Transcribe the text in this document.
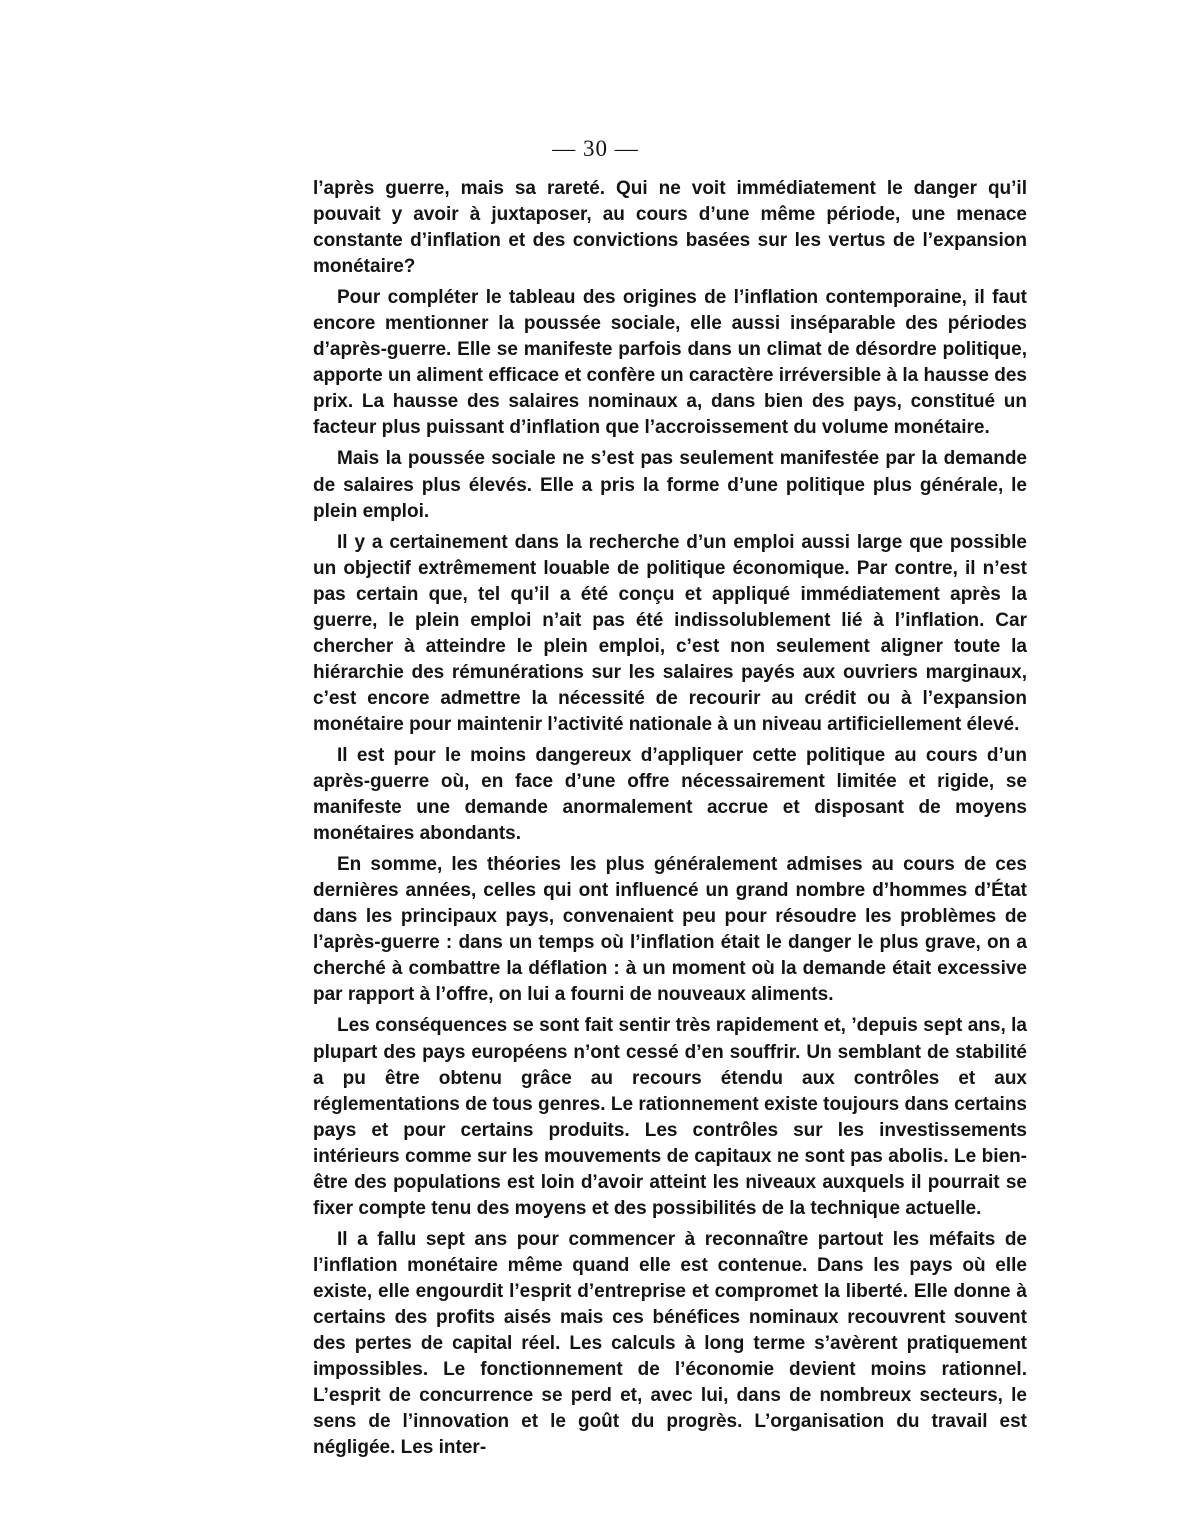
— 30 —

l’après guerre, mais sa rareté. Qui ne voit immédiatement le danger qu’il pouvait y avoir à juxtaposer, au cours d’une même période, une menace constante d’inflation et des convictions basées sur les vertus de l’expansion monétaire?

Pour compléter le tableau des origines de l’inflation contemporaine, il faut encore mentionner la poussée sociale, elle aussi inséparable des périodes d’après-guerre. Elle se manifeste parfois dans un climat de désordre politique, apporte un aliment efficace et confère un caractère irréversible à la hausse des prix. La hausse des salaires nominaux a, dans bien des pays, constitué un facteur plus puissant d’inflation que l’accroissement du volume monétaire.

Mais la poussée sociale ne s’est pas seulement manifestée par la demande de salaires plus élevés. Elle a pris la forme d’une politique plus générale, le plein emploi.

Il y a certainement dans la recherche d’un emploi aussi large que possible un objectif extrêmement louable de politique économique. Par contre, il n’est pas certain que, tel qu’il a été conçu et appliqué immédiatement après la guerre, le plein emploi n’ait pas été indissolublement lié à l’inflation. Car chercher à atteindre le plein emploi, c’est non seulement aligner toute la hiérarchie des rémunérations sur les salaires payés aux ouvriers marginaux, c’est encore admettre la nécessité de recourir au crédit ou à l’expansion monétaire pour maintenir l’activité nationale à un niveau artificiellement élevé.

Il est pour le moins dangereux d’appliquer cette politique au cours d’un après-guerre où, en face d’une offre nécessairement limitée et rigide, se manifeste une demande anormalement accrue et disposant de moyens monétaires abondants.

En somme, les théories les plus généralement admises au cours de ces dernières années, celles qui ont influencé un grand nombre d’hommes d’État dans les principaux pays, convenaient peu pour résoudre les problèmes de l’après-guerre : dans un temps où l’inflation était le danger le plus grave, on a cherché à combattre la déflation : à un moment où la demande était excessive par rapport à l’offre, on lui a fourni de nouveaux aliments.

Les conséquences se sont fait sentir très rapidement et, ’depuis sept ans, la plupart des pays européens n’ont cessé d’en souffrir. Un semblant de stabilité a pu être obtenu grâce au recours étendu aux contrôles et aux réglementations de tous genres. Le rationnement existe toujours dans certains pays et pour certains produits. Les contrôles sur les investissements intérieurs comme sur les mouvements de capitaux ne sont pas abolis. Le bien-être des populations est loin d’avoir atteint les niveaux auxquels il pourrait se fixer compte tenu des moyens et des possibilités de la technique actuelle.

Il a fallu sept ans pour commencer à reconnaître partout les méfaits de l’inflation monétaire même quand elle est contenue. Dans les pays où elle existe, elle engourdit l’esprit d’entreprise et compromet la liberté. Elle donne à certains des profits aisés mais ces bénéfices nominaux recouvrent souvent des pertes de capital réel. Les calculs à long terme s’avèrent pratiquement impossibles. Le fonctionnement de l’économie devient moins rationnel. L’esprit de concurrence se perd et, avec lui, dans de nombreux secteurs, le sens de l’innovation et le goût du progrès. L’organisation du travail est négligée. Les inter-
